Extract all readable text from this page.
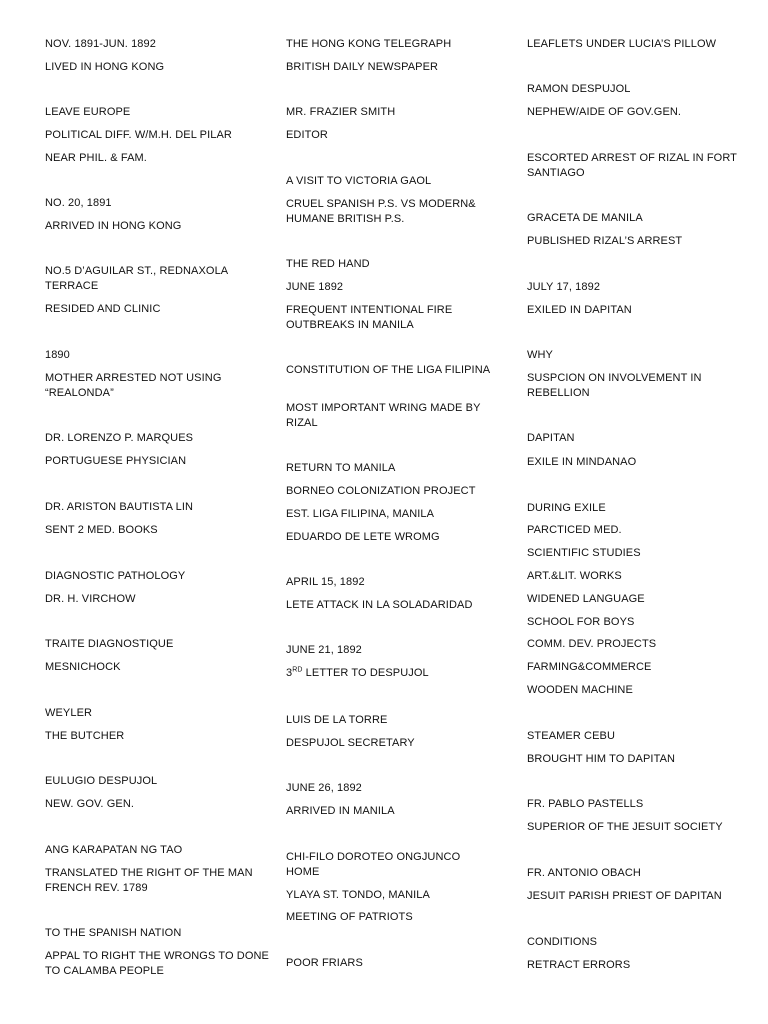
NOV. 1891-JUN. 1892
LIVED IN HONG KONG
LEAVE EUROPE
POLITICAL DIFF. W/M.H. DEL PILAR
NEAR PHIL. & FAM.
NO. 20, 1891
ARRIVED IN HONG KONG
NO.5 D’AGUILAR ST., REDNAXOLA TERRACE
RESIDED AND CLINIC
1890
MOTHER ARRESTED NOT USING “REALONDA”
DR. LORENZO P. MARQUES
PORTUGUESE PHYSICIAN
DR. ARISTON BAUTISTA LIN
SENT 2 MED. BOOKS
DIAGNOSTIC PATHOLOGY
DR. H. VIRCHOW
TRAITE DIAGNOSTIQUE
MESNICHOCK
WEYLER
THE BUTCHER
EULUGIO DESPUJOL
NEW. GOV. GEN.
ANG KARAPATAN NG TAO
TRANSLATED THE RIGHT OF THE MAN FRENCH REV. 1789
TO THE SPANISH NATION
APPAL TO RIGHT THE WRONGS TO DONE TO CALAMBA PEOPLE
THE HONG KONG TELEGRAPH
BRITISH DAILY NEWSPAPER
MR. FRAZIER SMITH
EDITOR
A VISIT TO VICTORIA GAOL
CRUEL SPANISH P.S. VS MODERN& HUMANE BRITISH P.S.
THE RED HAND
JUNE 1892
FREQUENT INTENTIONAL FIRE OUTBREAKS IN MANILA
CONSTITUTION OF THE LIGA FILIPINA
MOST IMPORTANT WRING MADE BY RIZAL
RETURN TO MANILA
BORNEO COLONIZATION PROJECT
EST. LIGA FILIPINA, MANILA
EDUARDO DE LETE WROMG
APRIL 15, 1892
LETE ATTACK IN LA SOLADARIDAD
JUNE 21, 1892
3RD LETTER TO DESPUJOL
LUIS DE LA TORRE
DESPUJOL SECRETARY
JUNE 26, 1892
ARRIVED IN MANILA
CHI-FILO DOROTEO ONGJUNCO HOME
YLAYA ST. TONDO, MANILA
MEETING OF PATRIOTS
POOR FRIARS
LEAFLETS UNDER LUCIA’S PILLOW
RAMON DESPUJOL
NEPHEW/AIDE OF GOV.GEN.
ESCORTED ARREST OF RIZAL IN FORT SANTIAGO
GRACETA DE MANILA
PUBLISHED RIZAL’S ARREST
JULY 17, 1892
EXILED IN DAPITAN
WHY
SUSPCION ON INVOLVEMENT IN REBELLION
DAPITAN
EXILE IN MINDANAO
DURING EXILE
PARCTICED MED.
SCIENTIFIC STUDIES
ART.&LIT. WORKS
WIDENED LANGUAGE
SCHOOL FOR BOYS
COMM. DEV. PROJECTS
FARMING&COMMERCE
WOODEN MACHINE
STEAMER CEBU
BROUGHT HIM TO DAPITAN
FR. PABLO PASTELLS
SUPERIOR OF THE JESUIT SOCIETY
FR. ANTONIO OBACH
JESUIT PARISH PRIEST OF DAPITAN
CONDITIONS
RETRACT ERRORS
